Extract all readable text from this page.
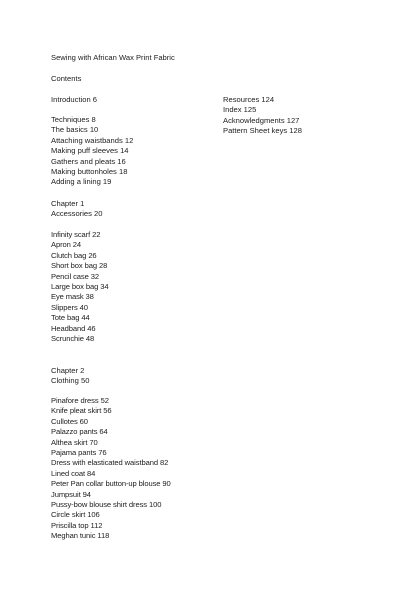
Sewing with African Wax Print Fabric
Contents
Introduction 6
Techniques 8
The basics 10
Attaching waistbands 12
Making puff sleeves 14
Gathers and pleats 16
Making buttonholes 18
Adding a lining 19
Chapter 1
Accessories 20
Infinity scarf 22
Apron 24
Clutch bag 26
Short box bag 28
Pencil case 32
Large box bag 34
Eye mask 38
Slippers 40
Tote bag 44
Headband 46
Scrunchie 48
Chapter 2
Clothing 50
Pinafore dress 52
Knife pleat skirt 56
Cullotes 60
Palazzo pants 64
Althea skirt 70
Pajama pants 76
Dress with elasticated waistband 82
Lined coat 84
Peter Pan collar button-up blouse 90
Jumpsuit 94
Pussy-bow blouse shirt dress 100
Circle skirt 106
Priscilla top 112
Meghan tunic 118
Resources 124
Index 125
Acknowledgments 127
Pattern Sheet keys 128
